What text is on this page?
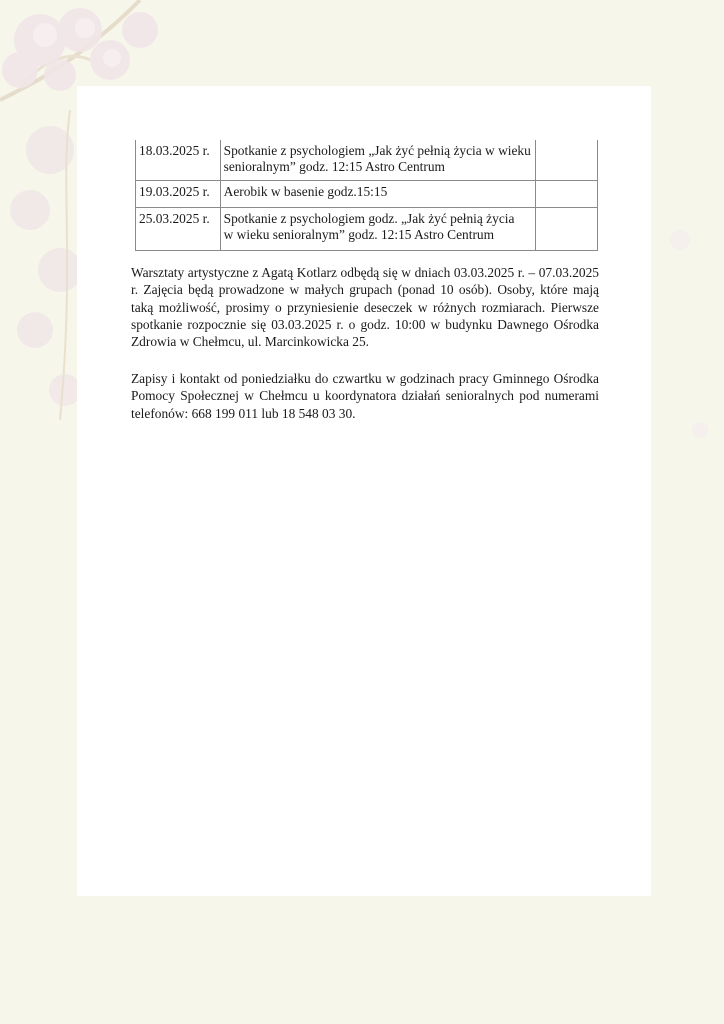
18.03.2025 r.	Spotkanie z psychologiem „Jak żyć pełnią życia w wieku
senioralnym” godz. 12:15 Astro Centrum	
19.03.2025 r.	Aerobik w basenie godz.15:15	
25.03.2025 r.	Spotkanie z psychologiem godz. „Jak żyć pełnią życia
w wieku senioralnym” godz. 12:15 Astro Centrum	

Warsztaty artystyczne z Agatą Kotlarz odbędą się w dniach 03.03.2025 r. – 07.03.2025 r. Zajęcia będą prowadzone w małych grupach (ponad 10 osób). Osoby, które mają taką możliwość, prosimy o przyniesienie deseczek w różnych rozmiarach. Pierwsze spotkanie rozpocznie się 03.03.2025 r. o godz. 10:00 w budynku Dawnego Ośrodka Zdrowia w Chełmcu, ul. Marcinkowicka 25.

Zapisy i kontakt od poniedziałku do czwartku w godzinach pracy Gminnego Ośrodka Pomocy Społecznej w Chełmcu u koordynatora działań senioralnych pod numerami telefonów: 668 199 011 lub 18 548 03 30.
